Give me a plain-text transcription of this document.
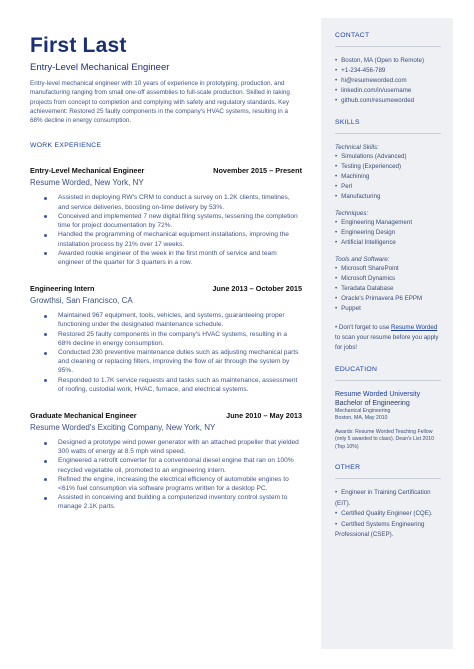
First Last
Entry-Level Mechanical Engineer
Entry-level mechanical engineer with 10 years of experience in prototyping, production, and manufacturing ranging from small one-off assemblies to full-scale production. Skilled in taking projects from concept to completion and complying with safety and regulatory standards. Key achievement: Restored 25 faulty components in the company's HVAC systems, resulting in a 68% decline in energy consumption.
WORK EXPERIENCE
Entry-Level Mechanical Engineer	November 2015 – Present
Resume Worded, New York, NY
Assisted in deploying RW's CRM to conduct a survey on 1.2K clients, timelines, and service deliveries, boosting on-time delivery by 53%.
Conceived and implemented 7 new digital filing systems, lessening the completion time for project documentation by 72%.
Handled the programming of mechanical equipment installations, improving the installation process by 21% over 17 weeks.
Awarded rookie engineer of the week in the first month of service and team engineer of the quarter for 3 quarters in a row.
Engineering Intern	June 2013 – October 2015
Growthsi, San Francisco, CA
Maintained 967 equipment, tools, vehicles, and systems, guaranteeing proper functioning under the designated maintenance schedule.
Restored 25 faulty components in the company's HVAC systems, resulting in a 68% decline in energy consumption.
Conducted 230 preventive maintenance duties such as adjusting mechanical parts and cleaning or replacing filters, improving the flow of air through the system by 95%.
Responded to 1.7K service requests and tasks such as maintenance, assessment of roofing, custodial work, HVAC, furnace, and electrical systems.
Graduate Mechanical Engineer	June 2010 – May 2013
Resume Worded's Exciting Company, New York, NY
Designed a prototype wind power generator with an attached propeller that yielded 300 watts of energy at 8.5 mph wind speed.
Engineered a retrofit converter for a conventional diesel engine that ran on 100% recycled vegetable oil, promoted to an engineering intern.
Refined the engine, increasing the electrical efficiency of automobile engines to <61% fuel consumption via software programs written for a desktop PC.
Assisted in conceiving and building a computerized inventory control system to manage 2.1K parts.
CONTACT
• Boston, MA (Open to Remote)
• +1-234-456-789
• hi@resumeworded.com
• linkedin.com/in/username
• github.com/resumeworded
SKILLS
Technical Skills:
• Simulations (Advanced)
• Testing (Experienced)
• Machining
• Perl
• Manufacturing
Techniques:
• Engineering Management
• Engineering Design
• Artificial Intelligence
Tools and Software:
• Microsoft SharePoint
• Microsoft Dynamics
• Teradata Database
• Oracle's Primavera P6 EPPM
• Puppet
• Don't forget to use Resume Worded to scan your resume before you apply for jobs!
EDUCATION
Resume Worded University
Bachelor of Engineering
Mechanical Engineering
Boston, MA, May 2010
Awards: Resume Worded Teaching Fellow (only 5 awarded to class), Dean's List 2010 (Top 10%)
OTHER
• Engineer in Training Certification (EIT).
• Certified Quality Engineer (CQE).
• Certified Systems Engineering Professional (CSEP).
